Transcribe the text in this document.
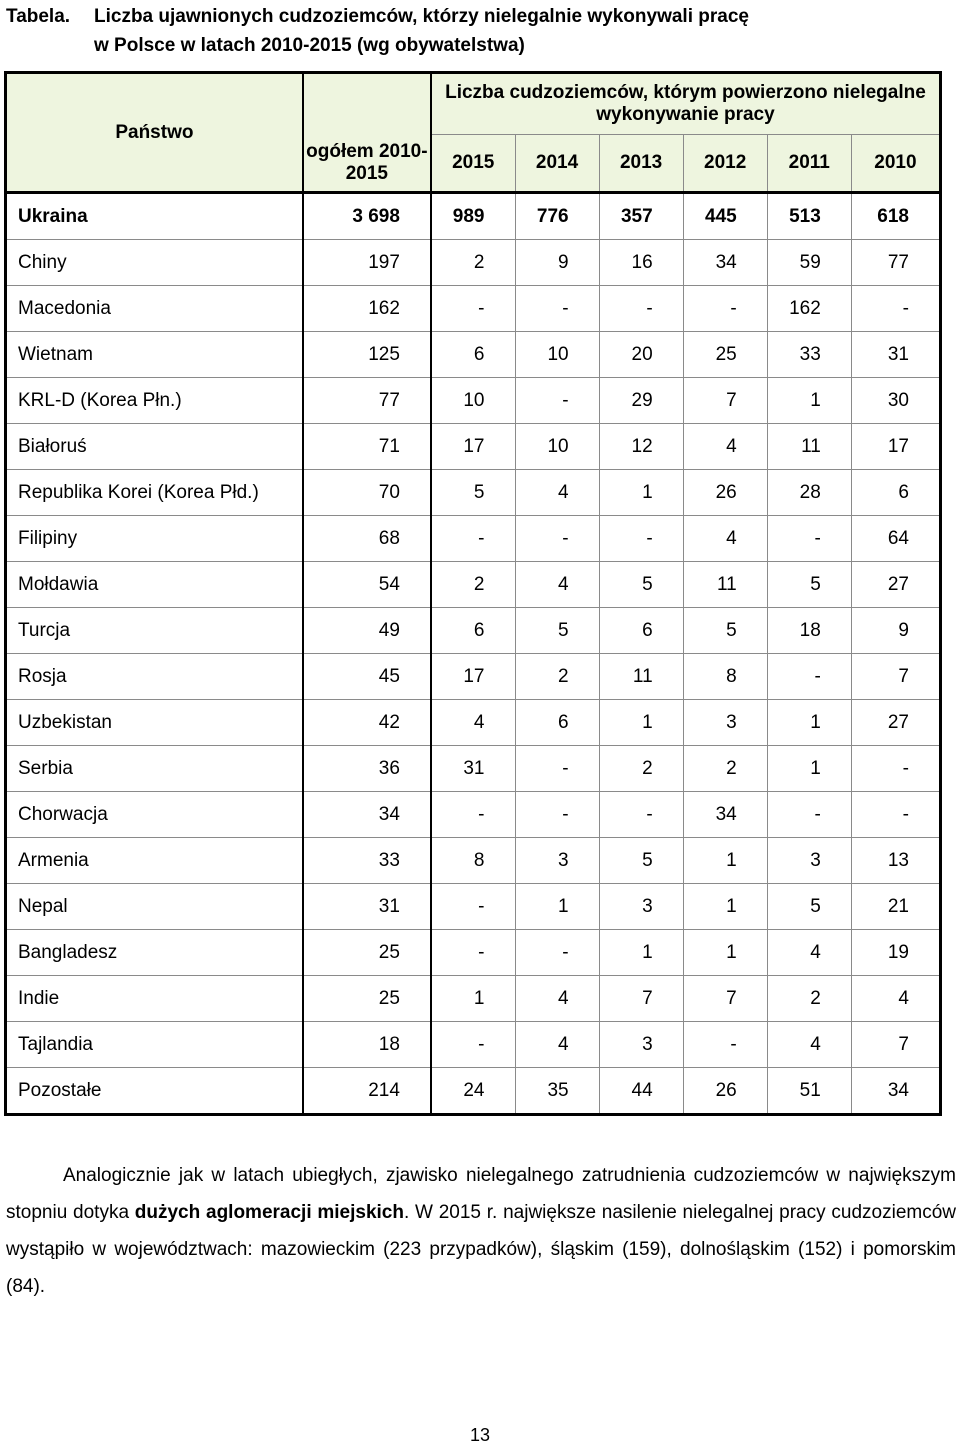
Tabela. Liczba ujawnionych cudzoziemców, którzy nielegalnie wykonywali pracę
w Polsce w latach 2010-2015 (wg obywatelstwa)
Państwo		Liczba cudzoziemców, którym powierzono nielegalne wykonywanie pracy					
	ogółem 2010-2015	2015	2014	2013	2012	2011	2010
Ukraina	3 698	989	776	357	445	513	618
Chiny	197	2	9	16	34	59	77
Macedonia	162	-	-	-	-	162	-
Wietnam	125	6	10	20	25	33	31
KRL-D (Korea Płn.)	77	10	-	29	7	1	30
Białoruś	71	17	10	12	4	11	17
Republika Korei (Korea Płd.)	70	5	4	1	26	28	6
Filipiny	68	-	-	-	4	-	64
Mołdawia	54	2	4	5	11	5	27
Turcja	49	6	5	6	5	18	9
Rosja	45	17	2	11	8	-	7
Uzbekistan	42	4	6	1	3	1	27
Serbia	36	31	-	2	2	1	-
Chorwacja	34	-	-	-	34	-	-
Armenia	33	8	3	5	1	3	13
Nepal	31	-	1	3	1	5	21
Bangladesz	25	-	-	1	1	4	19
Indie	25	1	4	7	7	2	4
Tajlandia	18	-	4	3	-	4	7
Pozostałe	214	24	35	44	26	51	34
Analogicznie jak w latach ubiegłych, zjawisko nielegalnego zatrudnienia cudzoziemców w największym stopniu dotyka dużych aglomeracji miejskich. W 2015 r. największe nasilenie nielegalnej pracy cudzoziemców wystąpiło w województwach: mazowieckim (223 przypadków), śląskim (159), dolnośląskim (152) i pomorskim (84).
13
